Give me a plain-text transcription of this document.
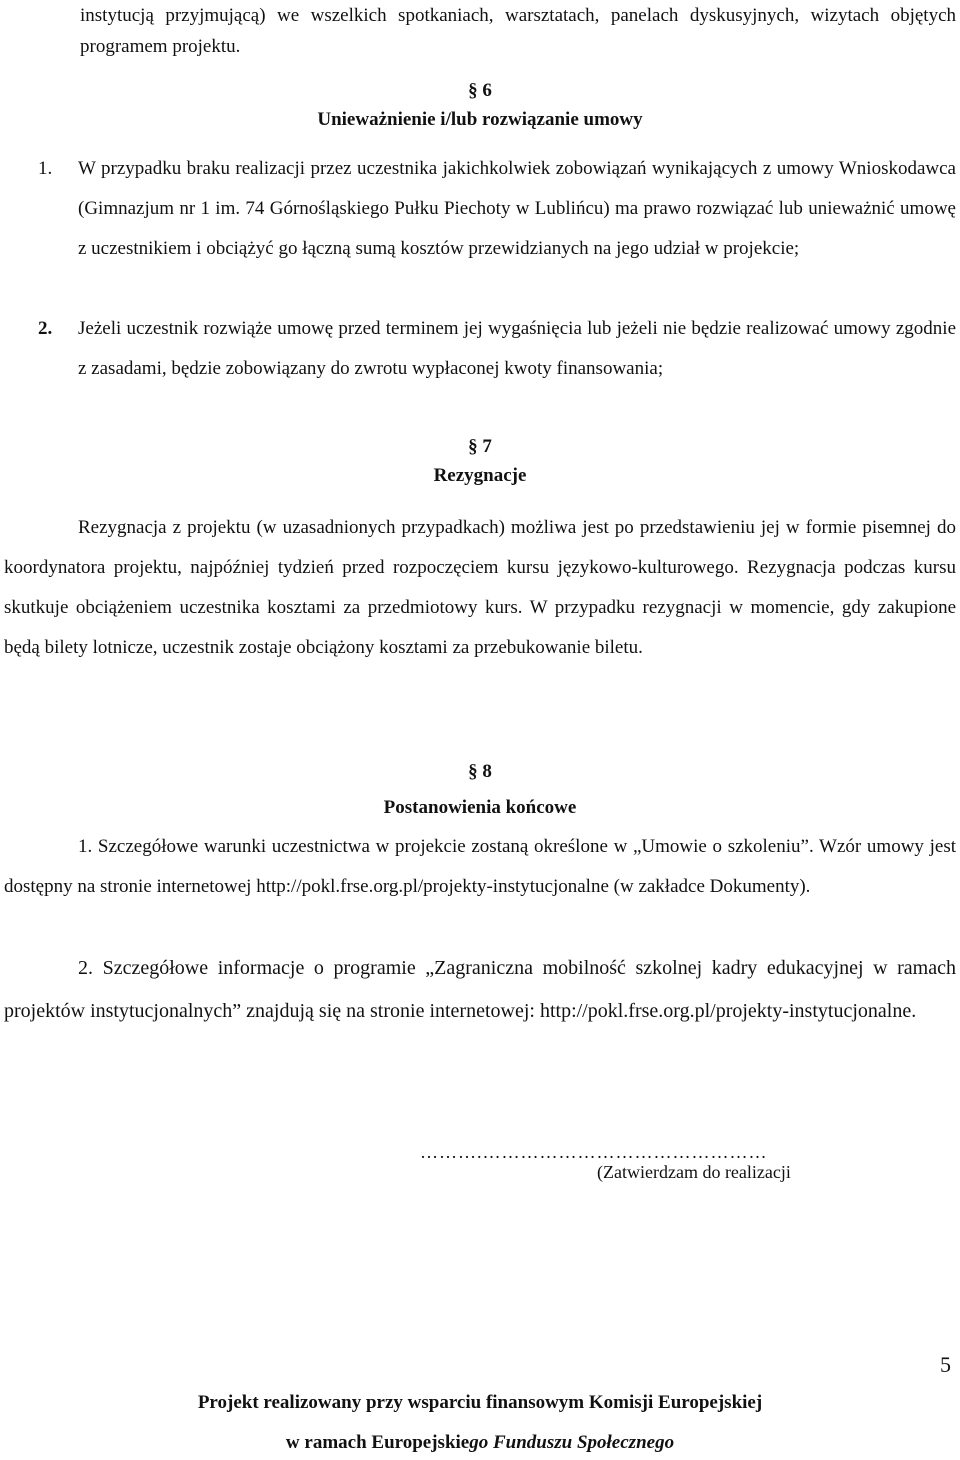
instytucją przyjmującą) we wszelkich spotkaniach, warsztatach, panelach dyskusyjnych, wizytach objętych programem projektu.

§ 6
Unieważnienie i/lub rozwiązanie umowy
1. W przypadku braku realizacji przez uczestnika jakichkolwiek zobowiązań wynikających z umowy Wnioskodawca (Gimnazjum nr 1 im. 74 Górnośląskiego Pułku Piechoty w Lublińcu) ma prawo rozwiązać lub unieważnić umowę z uczestnikiem i obciążyć go łączną sumą kosztów przewidzianych na jego udział w projekcie;
2. Jeżeli uczestnik rozwiąże umowę przed terminem jej wygaśnięcia lub jeżeli nie będzie realizować umowy zgodnie z zasadami, będzie zobowiązany do zwrotu wypłaconej kwoty finansowania;
§ 7
Rezygnacje

Rezygnacja z projektu (w uzasadnionych przypadkach) możliwa jest po przedstawieniu jej w formie pisemnej do koordynatora projektu, najpóźniej tydzień przed rozpoczęciem kursu językowo-kulturowego. Rezygnacja podczas kursu skutkuje obciążeniem uczestnika kosztami za przedmiotowy kurs. W przypadku rezygnacji w momencie, gdy zakupione będą bilety lotnicze, uczestnik zostaje obciążony kosztami za przebukowanie biletu.

§ 8
Postanowienia końcowe

1. Szczegółowe warunki uczestnictwa w projekcie zostaną określone w „Umowie o szkoleniu”. Wzór umowy jest dostępny na stronie internetowej http://pokl.frse.org.pl/projekty-instytucjonalne (w zakładce Dokumenty).

2. Szczegółowe informacje o programie „Zagraniczna mobilność szkolnej kadry edukacyjnej w ramach projektów instytucjonalnych” znajdują się na stronie internetowej: http://pokl.frse.org.pl/projekty-instytucjonalne.

……….………………………………………
(Zatwierdzam do realizacji
5
Projekt realizowany przy wsparciu finansowym Komisji Europejskiej
w ramach Europejskiego Funduszu Społecznego
